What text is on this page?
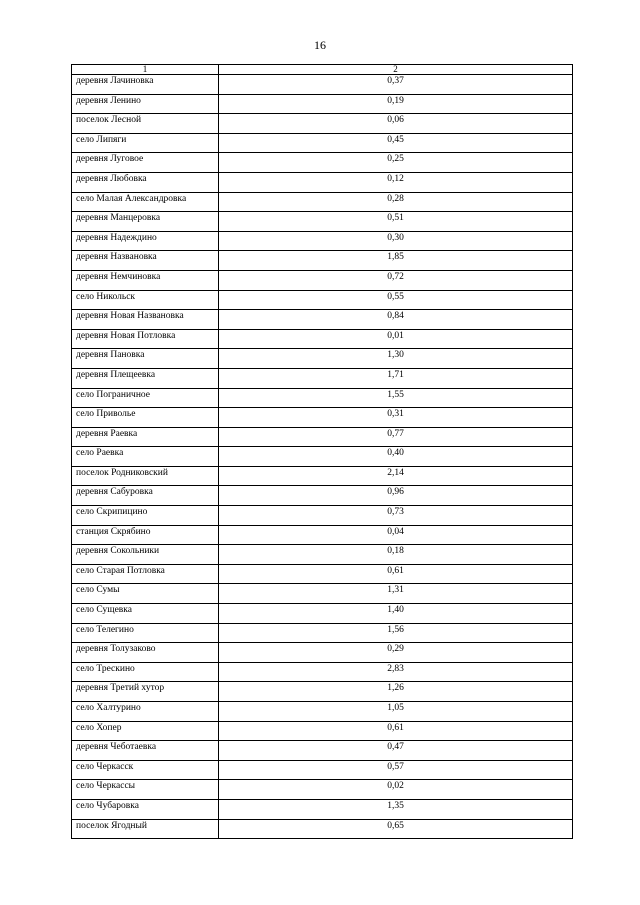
16
1	2
деревня Лачиновка	0,37
деревня Ленино	0,19
поселок Лесной	0,06
село Липяги	0,45
деревня Луговое	0,25
деревня Любовка	0,12
село Малая Александровка	0,28
деревня Манцеровка	0,51
деревня Надеждино	0,30
деревня Названовка	1,85
деревня Немчиновка	0,72
село Никольск	0,55
деревня Новая Названовка	0,84
деревня Новая Потловка	0,01
деревня Пановка	1,30
деревня Плещеевка	1,71
село Пограничное	1,55
село Приволье	0,31
деревня Раевка	0,77
село Раевка	0,40
поселок Родниковский	2,14
деревня Сабуровка	0,96
село Скрипицино	0,73
станция Скрябино	0,04
деревня Сокольники	0,18
село Старая Потловка	0,61
село Сумы	1,31
село Сущевка	1,40
село Телегино	1,56
деревня Толузаково	0,29
село Трескино	2,83
деревня Третий хутор	1,26
село Халтурино	1,05
село Хопер	0,61
деревня Чеботаевка	0,47
село Черкасск	0,57
село Черкассы	0,02
село Чубаровка	1,35
поселок Ягодный	0,65
